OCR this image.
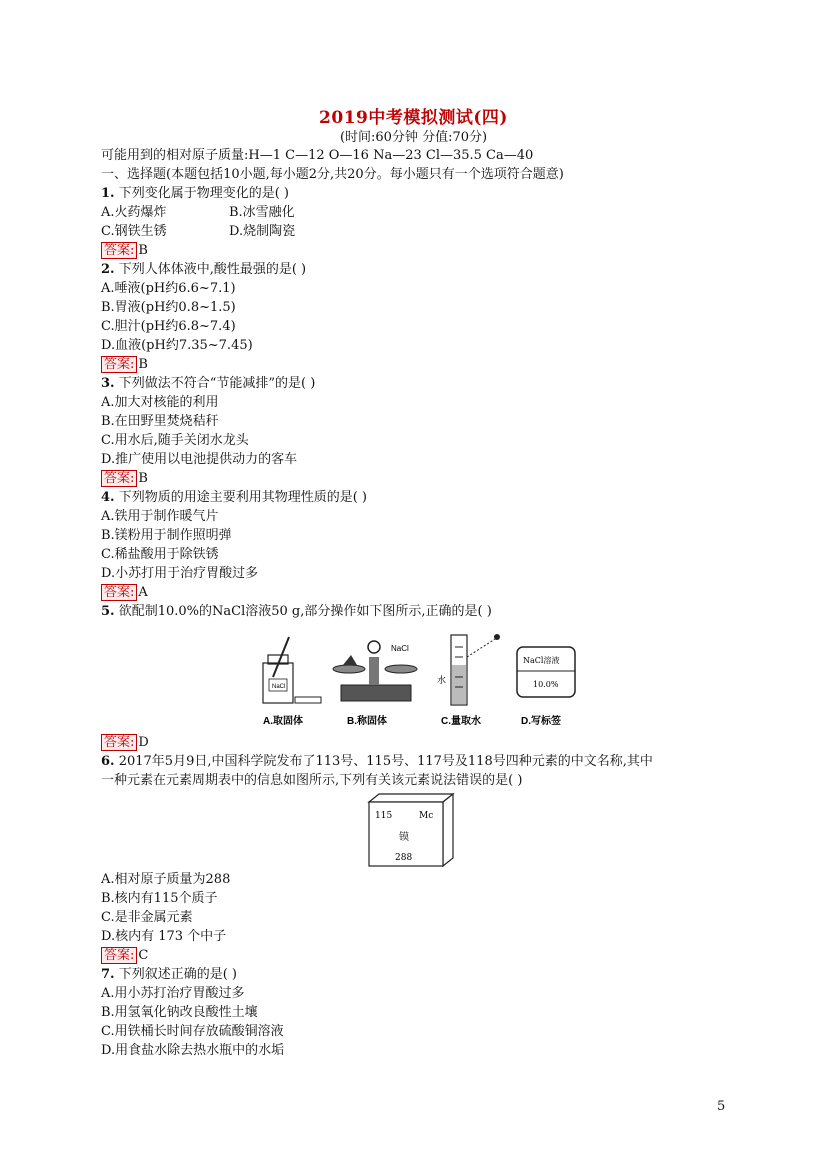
2019中考模拟测试(四)
(时间:60分钟 分值:70分)
可能用到的相对原子质量:H—1 C—12 O—16 Na—23 Cl—35.5 Ca—40
一、选择题(本题包括10小题,每小题2分,共20分。每小题只有一个选项符合题意)
1. 下列变化属于物理变化的是( )
A.火药爆炸	B.冰雪融化
C.钢铁生锈	D.烧制陶瓷
答案: B
2. 下列人体体液中,酸性最强的是( )
A.唾液(pH约6.6~7.1)
B.胃液(pH约0.8~1.5)
C.胆汁(pH约6.8~7.4)
D.血液(pH约7.35~7.45)
答案: B
3. 下列做法不符合“节能减排”的是( )
A.加大对核能的利用
B.在田野里焚烧秸秆
C.用水后,随手关闭水龙头
D.推广使用以电池提供动力的客车
答案: B
4. 下列物质的用途主要利用其物理性质的是( )
A.铁用于制作暖气片
B.镁粉用于制作照明弹
C.稀盐酸用于除铁锈
D.小苏打用于治疗胃酸过多
答案: A
5. 欲配制10.0%的NaCl溶液50 g,部分操作如下图所示,正确的是( )
NaCl
NaCl
水
NaCl溶液
10.0%
A.取固体	B.称固体	C.量取水	D.写标签
答案: D
6. 2017年5月9日,中国科学院发布了113号、115号、117号及118号四种元素的中文名称,其中
一种元素在元素周期表中的信息如图所示,下列有关该元素说法错误的是( )
115	Mc
镆
288
A.相对原子质量为288
B.核内有115个质子
C.是非金属元素
D.核内有 173 个中子
答案: C
7. 下列叙述正确的是( )
A.用小苏打治疗胃酸过多
B.用氢氧化钠改良酸性土壤
C.用铁桶长时间存放硫酸铜溶液
D.用食盐水除去热水瓶中的水垢
5
